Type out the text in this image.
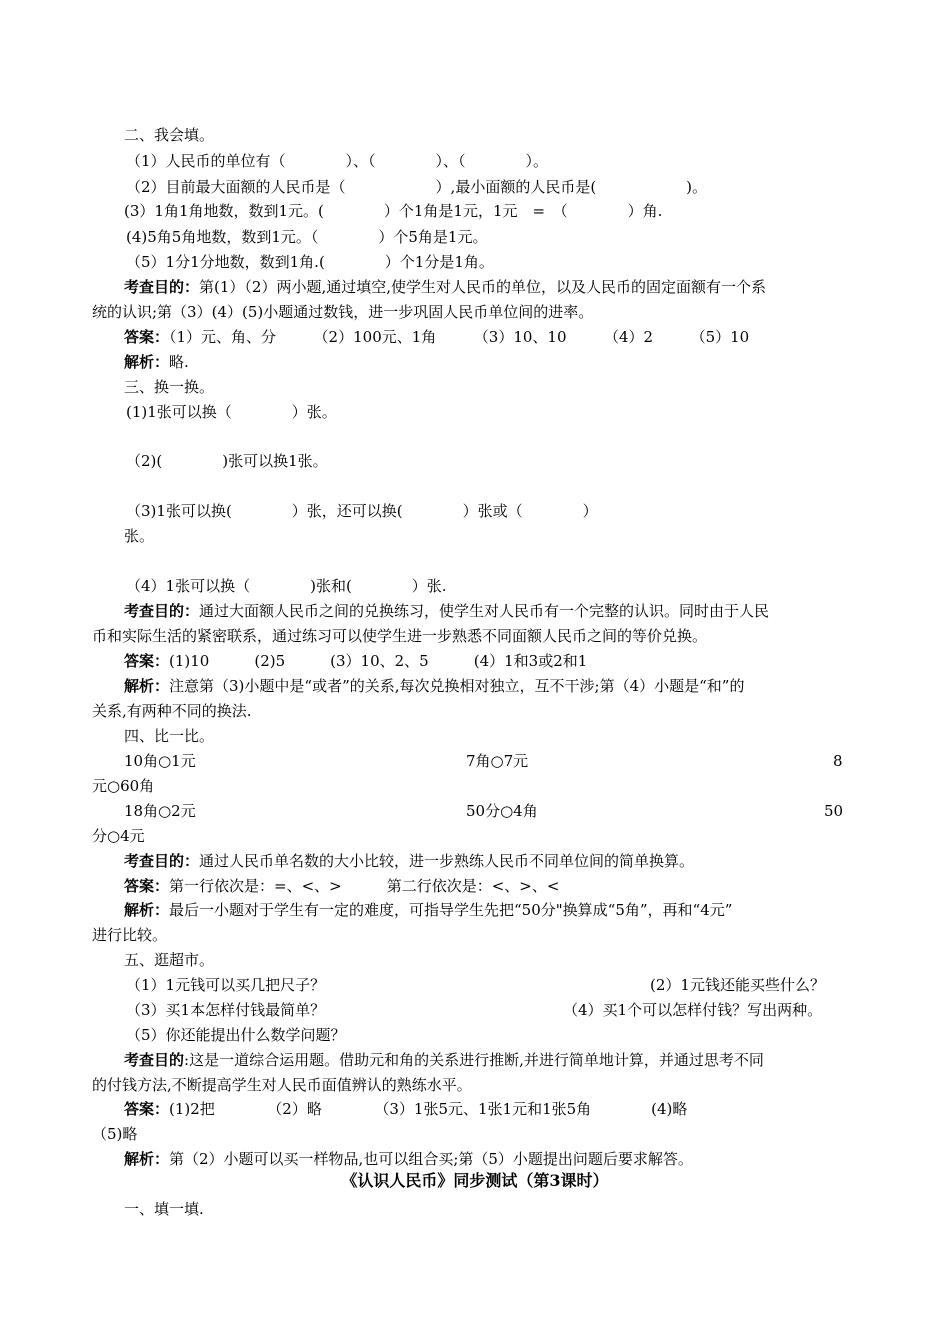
二、我会填。
（1）人民币的单位有（　　　　）、（　　　　）、（　　　　）。
（2）目前最大面额的人民币是（　　　　　　）,最小面额的人民币是(　　　　　　)。
(3）1角1角地数，数到1元。(　　　　）个1角是1元，1元　=　（　　　　）角.
(4)5角5角地数，数到1元。（　　　　）个5角是1元。
（5）1分1分地数，数到1角.(　　　　）个1分是1角。
考查目的：第(1）（2）两小题,通过填空,使学生对人民币的单位，以及人民币的固定面额有一个系
统的认识;第（3）(4）(5)小题通过数钱，进一步巩固人民币单位间的进率。
答案：（1）元、角、分　　　（2）100元、1角　　　（3）10、10　　　（4）2　　　（5）10
解析：略.
三、换一换。
(1)1张可以换（　　　　）张。
（2)(　　　　)张可以换1张。
（3)1张可以换(　　　　）张，还可以换(　　　　）张或（　　　　）
张。
（4）1张可以换（　　　　)张和(　　　　）张.
考查目的：通过大面额人民币之间的兑换练习，使学生对人民币有一个完整的认识。同时由于人民
币和实际生活的紧密联系，通过练习可以使学生进一步熟悉不同面额人民币之间的等价兑换。
答案：(1)10　　　(2)5　　　(3）10、2、5　　　(4）1和3或2和1
解析：注意第（3)小题中是“或者”的关系,每次兑换相对独立，互不干涉;第（4）小题是“和”的
关系,有两种不同的换法.
四、比一比。
10角○1元	7角○7元	8
元○60角
18角○2元	50分○4角	50
分○4元
考查目的：通过人民币单名数的大小比较，进一步熟练人民币不同单位间的简单换算。
答案：第一行依次是：=、<、>　　　第二行依次是：<、>、<
解析：最后一小题对于学生有一定的难度，可指导学生先把“50分"换算成“5角”，再和“4元”
进行比较。
五、逛超市。
（1）1元钱可以买几把尺子？	(2）1元钱还能买些什么？
（3）买1本怎样付钱最简单？	（4）买1个可以怎样付钱？写出两种。
（5）你还能提出什么数学问题？
考查目的:这是一道综合运用题。借助元和角的关系进行推断,并进行简单地计算，并通过思考不同
的付钱方法,不断提高学生对人民币面值辨认的熟练水平。
答案：(1)2把　　　　（2）略　　　　（3）1张5元、1张1元和1张5角　　　　(4)略
（5)略
解析：第（2）小题可以买一样物品,也可以组合买;第（5）小题提出问题后要求解答。
《认识人民币》同步测试（第3课时）
一、填一填.
